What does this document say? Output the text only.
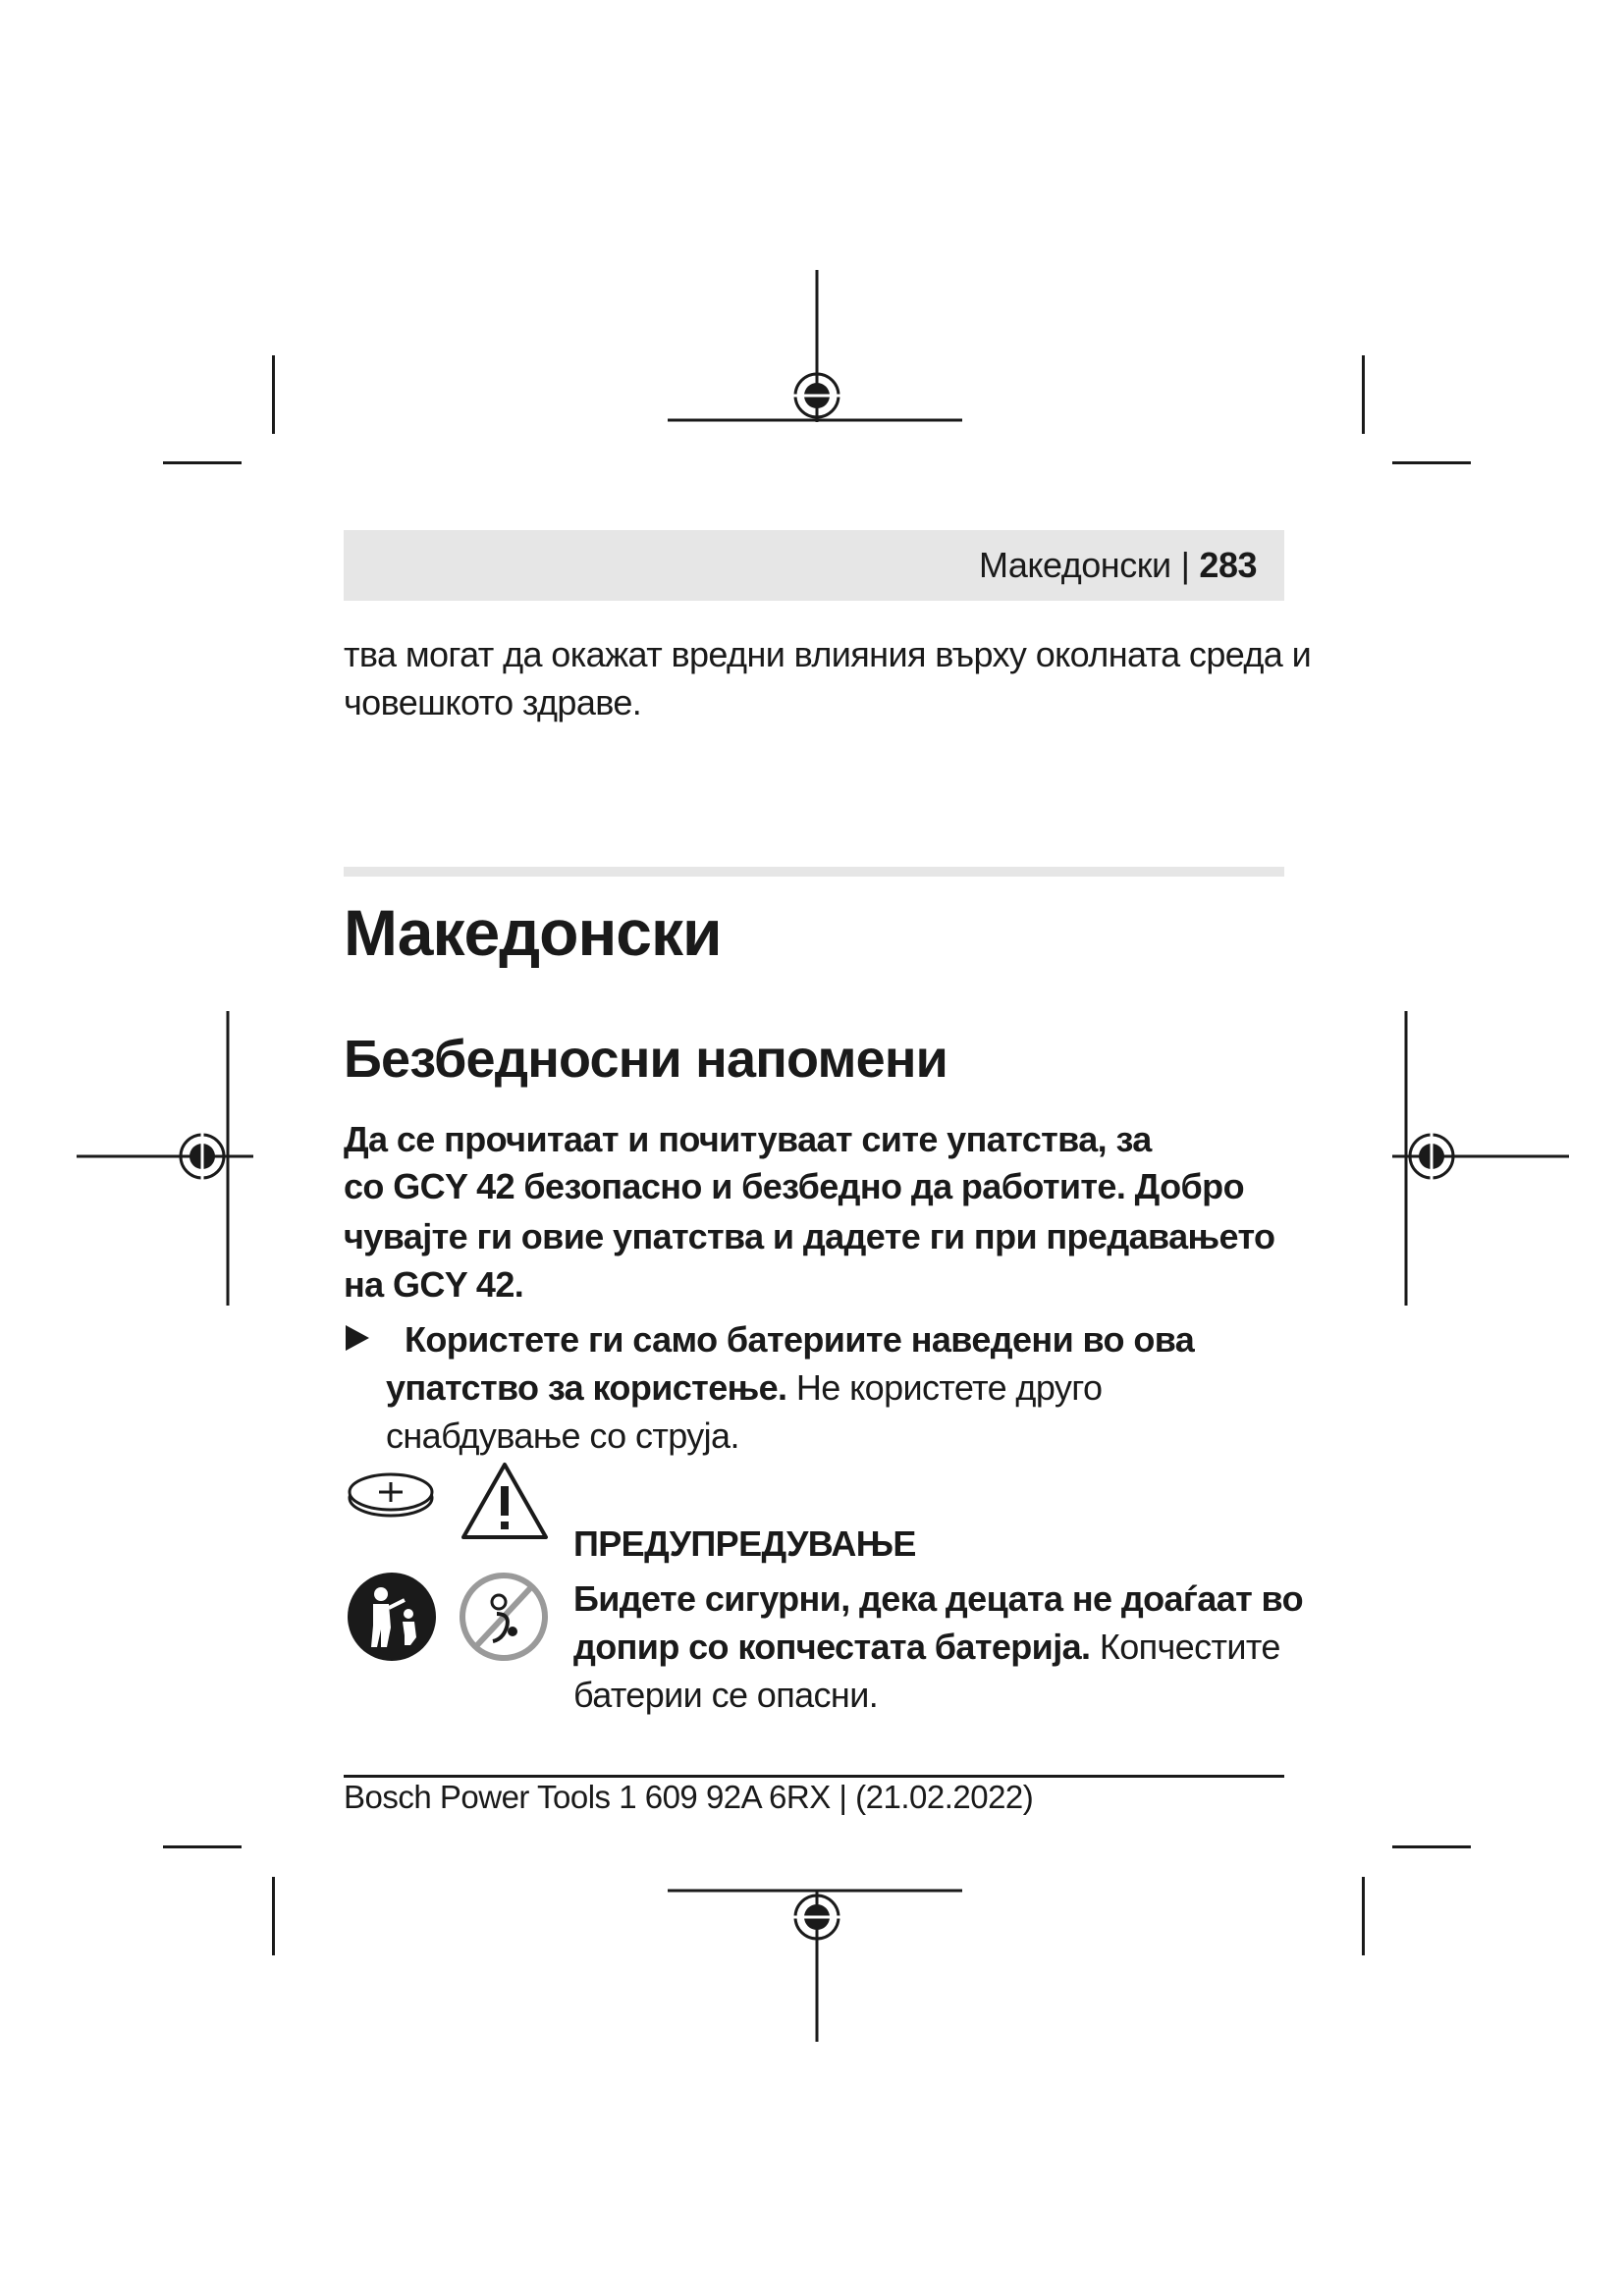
Македонски | 283
тва могат да окажат вредни влияния върху околната среда и
човешкото здраве.
Македонски
Безбедносни напомени
Да се прочитаат и почитуваат сите упатства, за
со GCY 42 безопасно и безбедно да работите. Добро
чувајте ги овие упатства и дадете ги при предавањето
на GCY 42.
Користете ги само батериите наведени во ова
упатство за користење. Не користете друго
снабдување со струја.
ПРЕДУПРЕДУВАЊЕ
Бидете сигурни, дека децата не доаѓаат во
допир со копчестата батерија. Копчестите
батерии се опасни.
Bosch Power Tools 1 609 92A 6RX | (21.02.2022)
